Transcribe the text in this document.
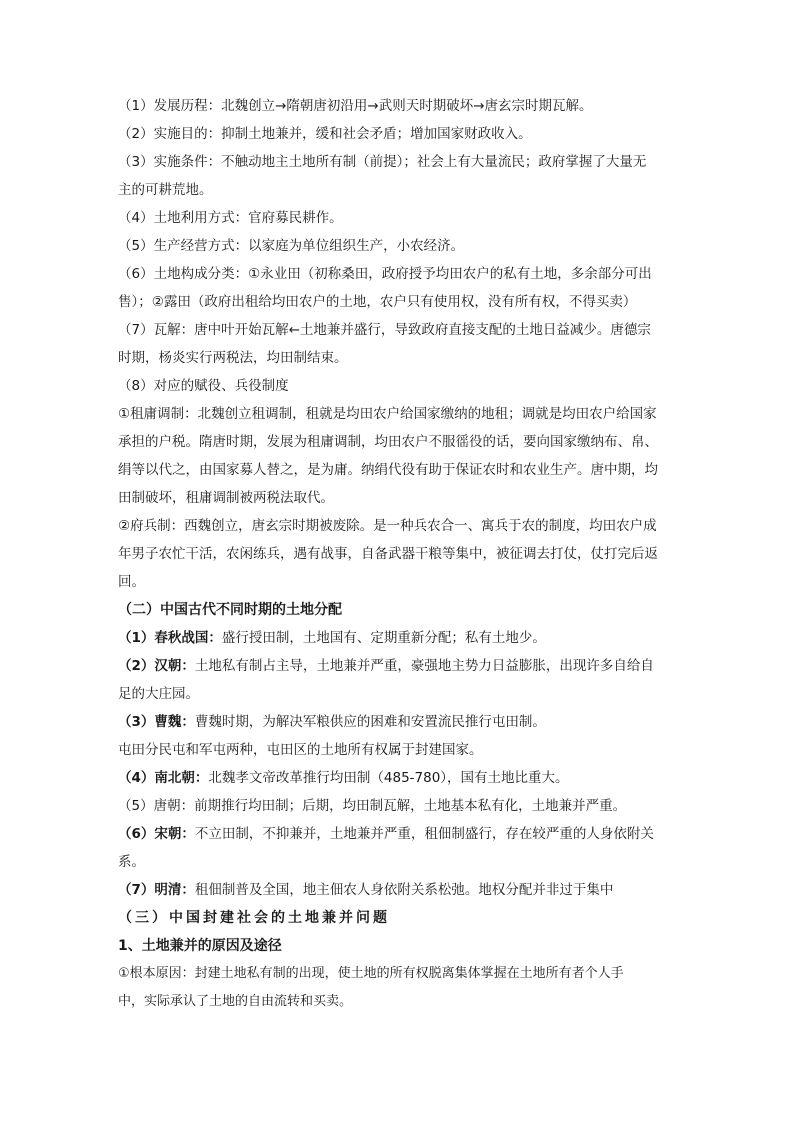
（1）发展历程：北魏创立→隋朝唐初沿用→武则天时期破坏→唐玄宗时期瓦解。
（2）实施目的：抑制土地兼并，缓和社会矛盾；增加国家财政收入。
（3）实施条件：不触动地主土地所有制（前提）；社会上有大量流民；政府掌握了大量无
主的可耕荒地。
（4）土地利用方式：官府募民耕作。
（5）生产经营方式：以家庭为单位组织生产，小农经济。
（6）土地构成分类：①永业田（初称桑田，政府授予均田农户的私有土地，多余部分可出
售）；②露田（政府出租给均田农户的土地，农户只有使用权，没有所有权，不得买卖）
（7）瓦解：唐中叶开始瓦解←土地兼并盛行，导致政府直接支配的土地日益减少。唐德宗
时期，杨炎实行两税法，均田制结束。
（8）对应的赋役、兵役制度
①租庸调制：北魏创立租调制，租就是均田农户给国家缴纳的地租；调就是均田农户给国家
承担的户税。隋唐时期，发展为租庸调制，均田农户不服徭役的话，要向国家缴纳布、帛、
绢等以代之，由国家募人替之，是为庸。纳绢代役有助于保证农时和农业生产。唐中期，均
田制破坏，租庸调制被两税法取代。
②府兵制：西魏创立，唐玄宗时期被废除。是一种兵农合一、寓兵于农的制度，均田农户成
年男子农忙干活，农闲练兵，遇有战事，自备武器干粮等集中，被征调去打仗，仗打完后返
回。
（二）中国古代不同时期的土地分配
（1）春秋战国：盛行授田制，土地国有、定期重新分配；私有土地少。
（2）汉朝：土地私有制占主导，土地兼并严重，豪强地主势力日益膨胀，出现许多自给自
足的大庄园。
（3）曹魏：曹魏时期，为解决军粮供应的困难和安置流民推行屯田制。
屯田分民屯和军屯两种，屯田区的土地所有权属于封建国家。
（4）南北朝：北魏孝文帝改革推行均田制（485-780），国有土地比重大。
（5）唐朝：前期推行均田制；后期，均田制瓦解，土地基本私有化，土地兼并严重。
（6）宋朝：不立田制，不抑兼并，土地兼并严重，租佃制盛行，存在较严重的人身依附关
系。
（7）明清：租佃制普及全国，地主佃农人身依附关系松弛。地权分配并非过于集中
（三）中国封建社会的土地兼并问题
1、土地兼并的原因及途径
①根本原因：封建土地私有制的出现，使土地的所有权脱离集体掌握在土地所有者个人手
中，实际承认了土地的自由流转和买卖。
